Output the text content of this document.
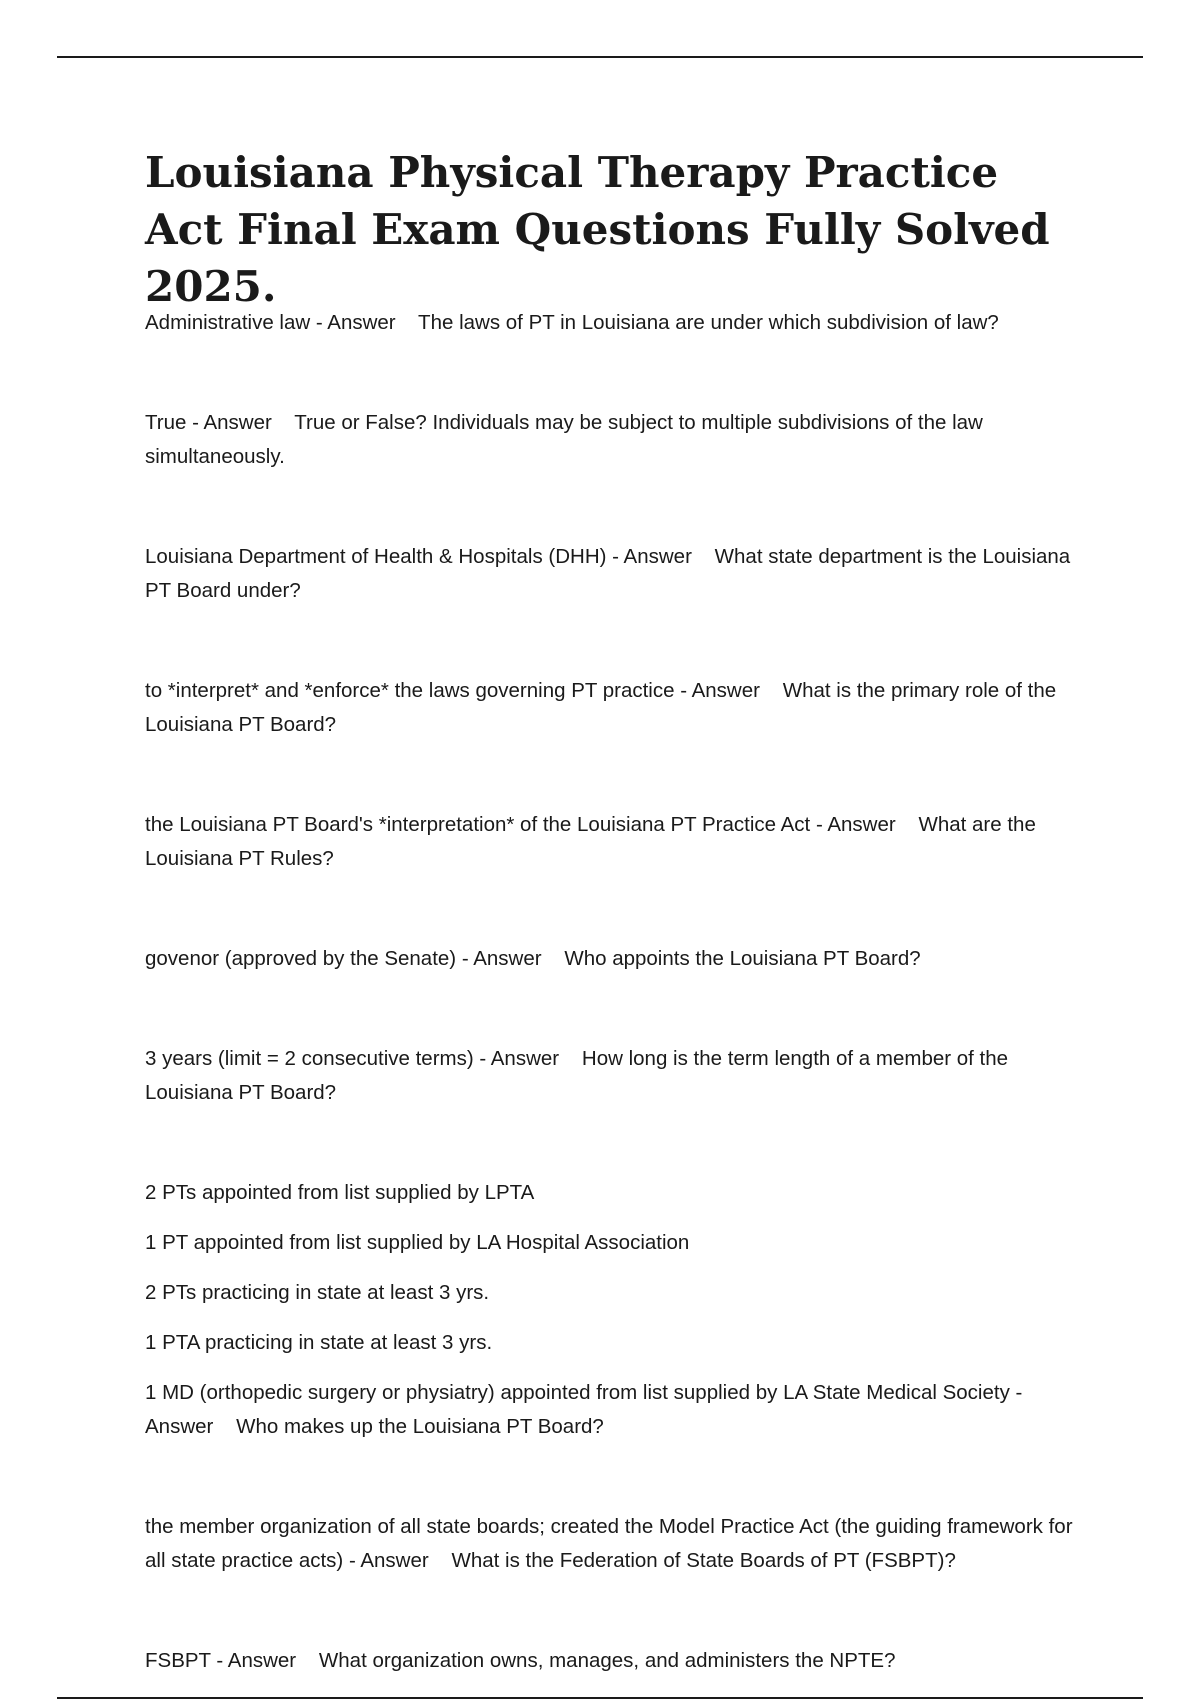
Louisiana Physical Therapy Practice Act Final Exam Questions Fully Solved 2025.

Administrative law - Answer    The laws of PT in Louisiana are under which subdivision of law?

True - Answer    True or False? Individuals may be subject to multiple subdivisions of the law simultaneously.

Louisiana Department of Health & Hospitals (DHH) - Answer    What state department is the Louisiana PT Board under?

to *interpret* and *enforce* the laws governing PT practice - Answer    What is the primary role of the Louisiana PT Board?

the Louisiana PT Board's *interpretation* of the Louisiana PT Practice Act - Answer    What are the Louisiana PT Rules?

govenor (approved by the Senate) - Answer    Who appoints the Louisiana PT Board?

3 years (limit = 2 consecutive terms) - Answer    How long is the term length of a member of the Louisiana PT Board?

2 PTs appointed from list supplied by LPTA

1 PT appointed from list supplied by LA Hospital Association

2 PTs practicing in state at least 3 yrs.

1 PTA practicing in state at least 3 yrs.

1 MD (orthopedic surgery or physiatry) appointed from list supplied by LA State Medical Society - Answer    Who makes up the Louisiana PT Board?

the member organization of all state boards; created the Model Practice Act (the guiding framework for all state practice acts) - Answer    What is the Federation of State Boards of PT (FSBPT)?

FSBPT - Answer    What organization owns, manages, and administers the NPTE?
